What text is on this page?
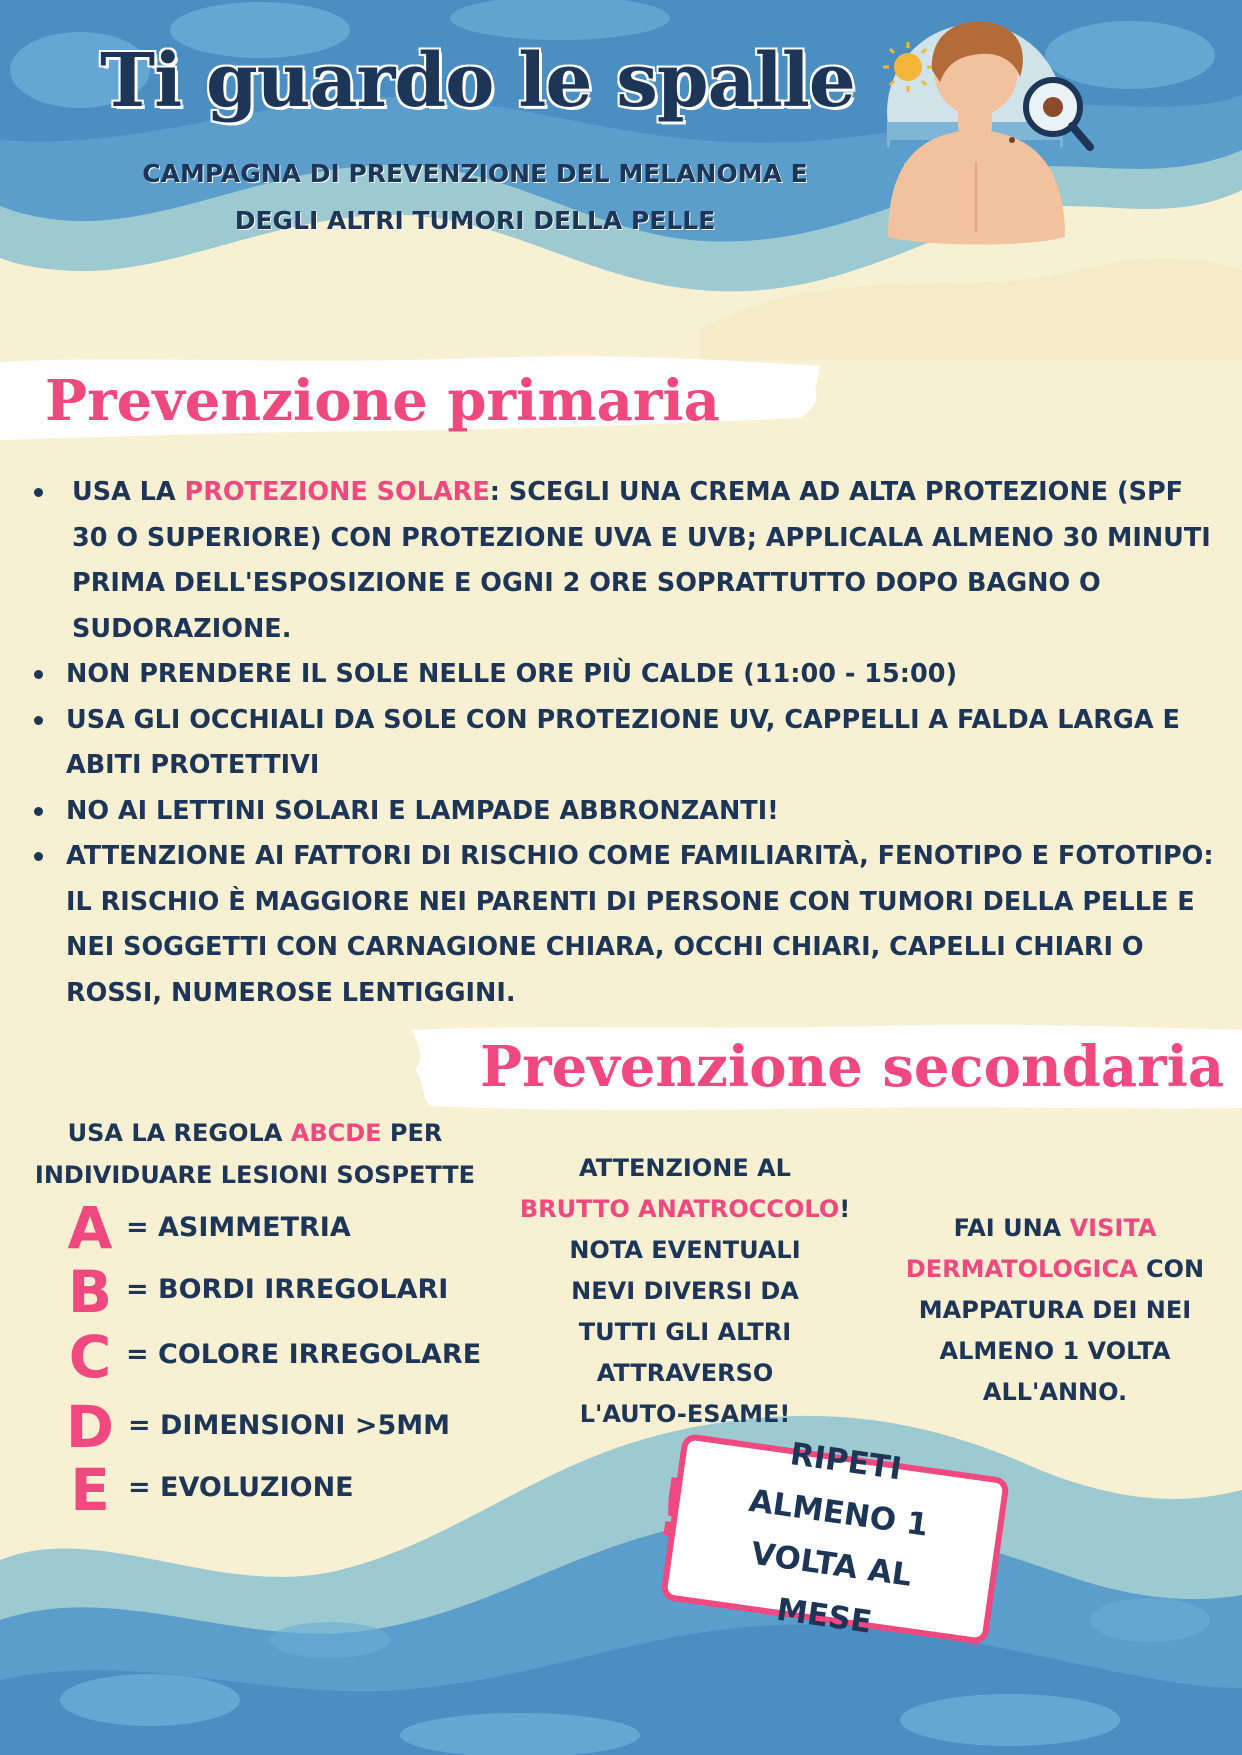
Ti guardo le spalle
CAMPAGNA DI PREVENZIONE DEL MELANOMA E
DEGLI ALTRI TUMORI DELLA PELLE
Prevenzione primaria
USA LA PROTEZIONE SOLARE: SCEGLI UNA CREMA AD ALTA PROTEZIONE (SPF 30 O SUPERIORE) CON PROTEZIONE UVA E UVB; APPLICALA ALMENO 30 MINUTI PRIMA DELL'ESPOSIZIONE E OGNI 2 ORE SOPRATTUTTO DOPO BAGNO O SUDORAZIONE.
NON PRENDERE IL SOLE NELLE ORE PIÙ CALDE (11:00 - 15:00)
USA GLI OCCHIALI DA SOLE CON PROTEZIONE UV, CAPPELLI A FALDA LARGA E ABITI PROTETTIVI
NO AI LETTINI SOLARI E LAMPADE ABBRONZANTI!
ATTENZIONE AI FATTORI DI RISCHIO COME FAMILIARITÀ, FENOTIPO E FOTOTIPO: IL RISCHIO È MAGGIORE NEI PARENTI DI PERSONE CON TUMORI DELLA PELLE E NEI SOGGETTI CON CARNAGIONE CHIARA, OCCHI CHIARI, CAPELLI CHIARI O ROSSI, NUMEROSE LENTIGGINI.
Prevenzione secondaria
USA LA REGOLA ABCDE PER
INDIVIDUARE LESIONI SOSPETTE
A = ASIMMETRIA
B = BORDI IRREGOLARI
C = COLORE IRREGOLARE
D = DIMENSIONI >5MM
E = EVOLUZIONE
ATTENZIONE AL
BRUTTO ANATROCCOLO!
NOTA EVENTUALI NEVI DIVERSI DA TUTTI GLI ALTRI ATTRAVERSO L'AUTO-ESAME!
FAI UNA VISITA DERMATOLOGICA CON MAPPATURA DEI NEI ALMENO 1 VOLTA ALL'ANNO.
RIPETI ALMENO 1 VOLTA AL MESE
